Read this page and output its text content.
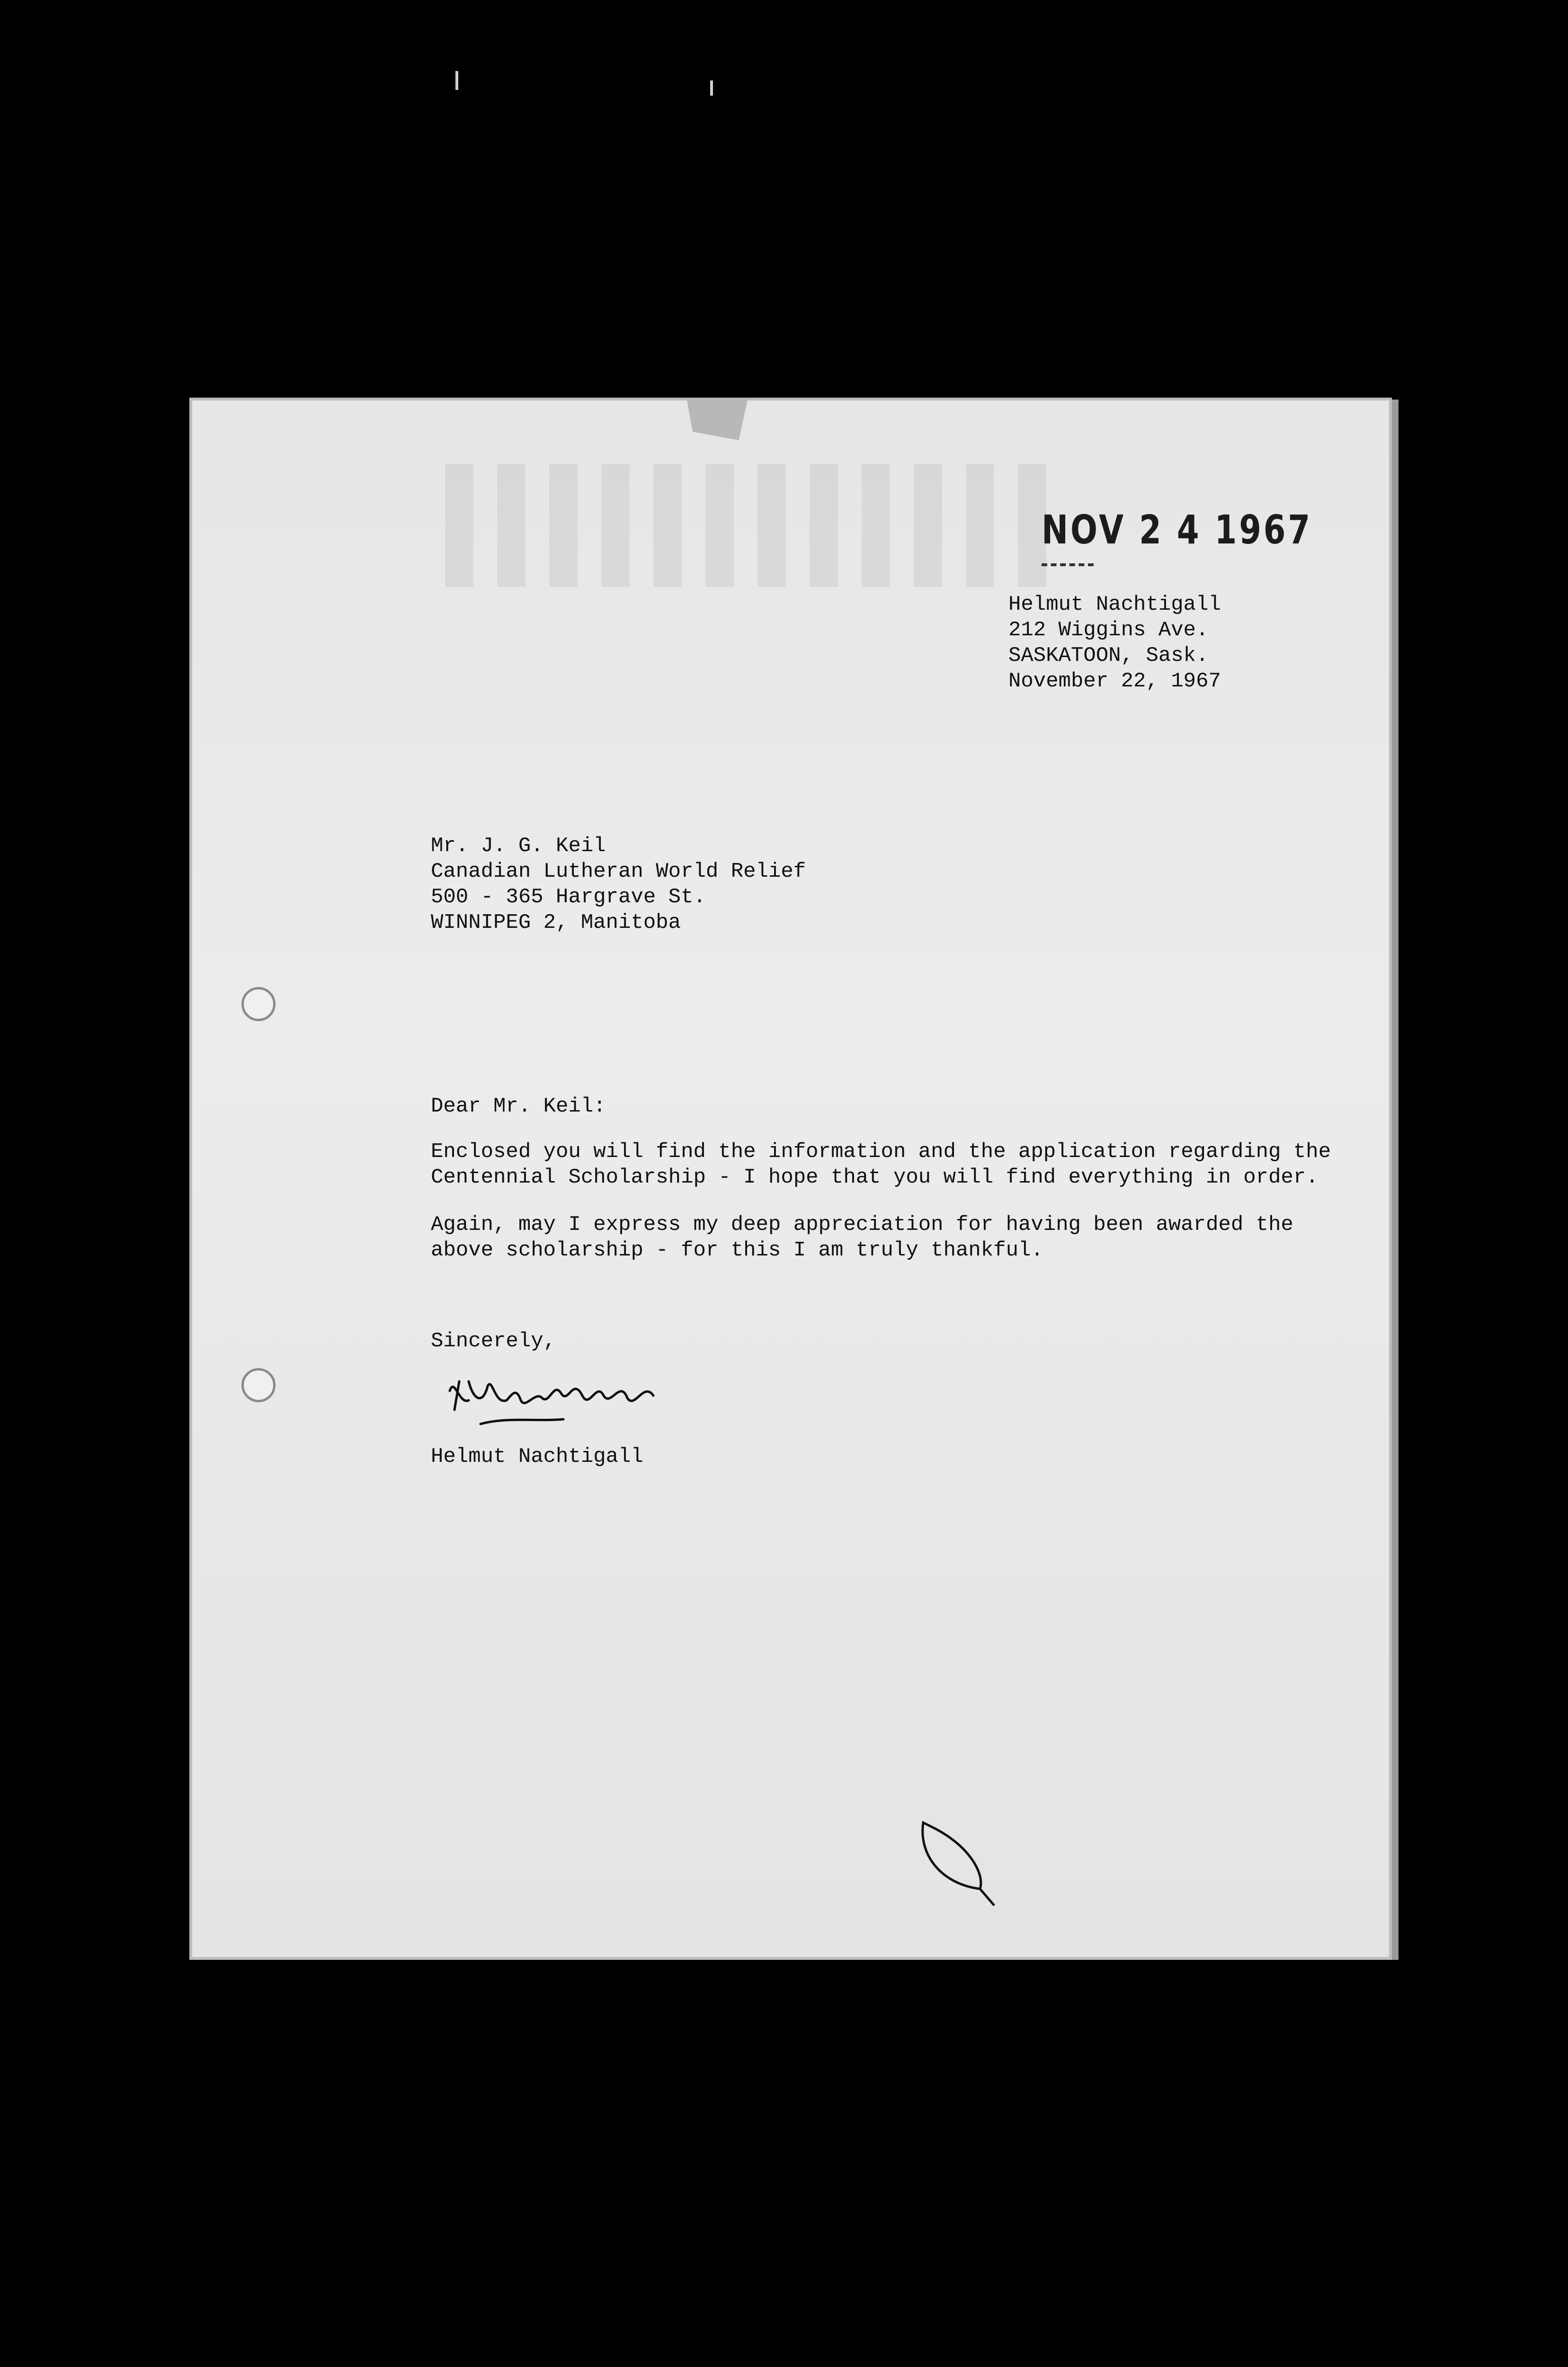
NOV 2 4 1967
Helmut Nachtigall
212 Wiggins Ave.
SASKATOON, Sask.
November 22, 1967
Mr. J. G. Keil
Canadian Lutheran World Relief
500 - 365 Hargrave St.
WINNIPEG 2, Manitoba
Dear Mr. Keil:
Enclosed you will find the information and the application regarding the
Centennial Scholarship - I hope that you will find everything in order.
Again, may I express my deep appreciation for having been awarded the
above scholarship - for this I am truly thankful.
Sincerely,
Helmut Nachtigall
